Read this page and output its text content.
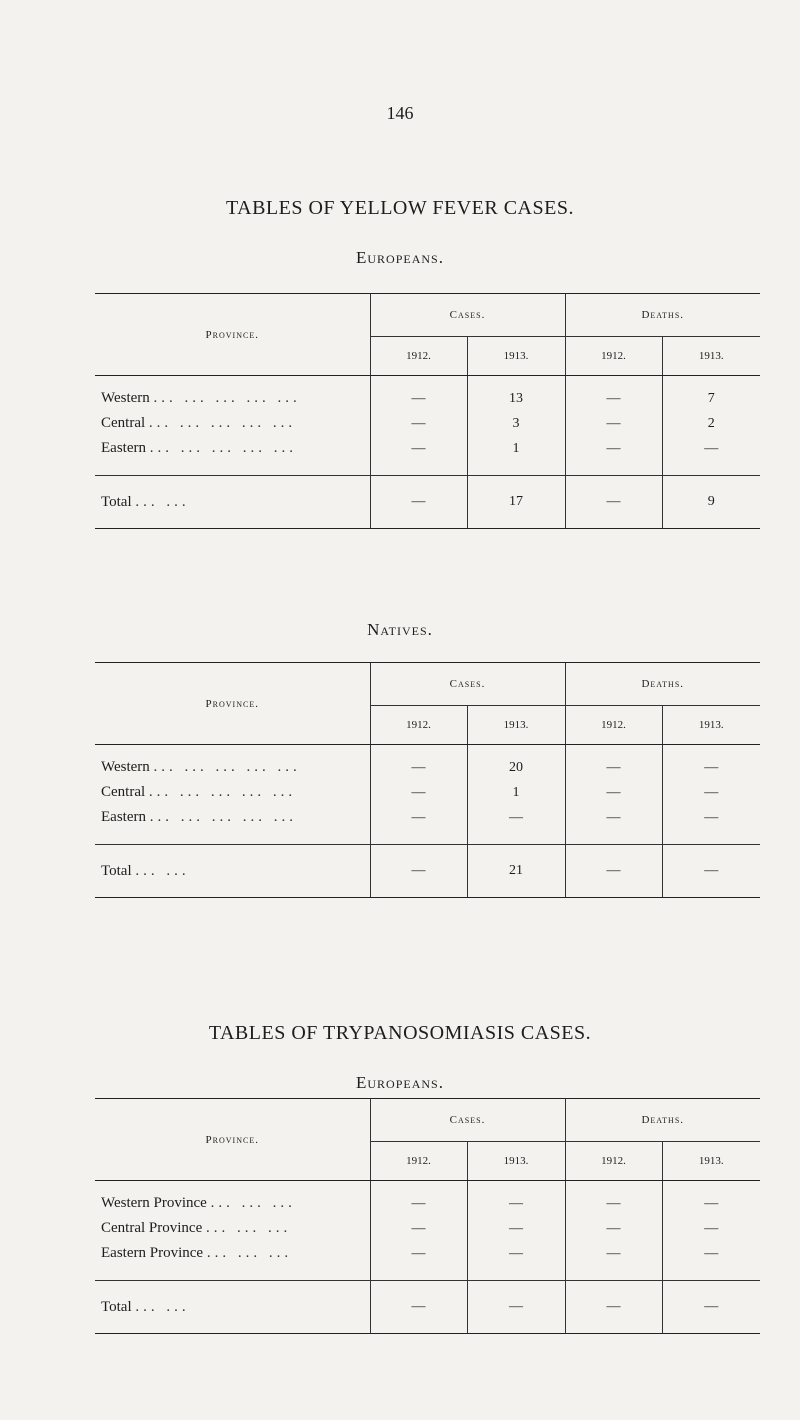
146
TABLES OF YELLOW FEVER CASES.
Europeans.
Province.	Cases.		Deaths.	
	1912.	1913.	1912.	1913.

Western ... ... ... ... ...	—	13	—	7
Central ... ... ... ... ...	—	3	—	2
Eastern ... ... ... ... ...	—	1	—	—

Total ... ...	—	17	—	9
Natives.
Province.	Cases.		Deaths.	
	1912.	1913.	1912.	1913.

Western ... ... ... ... ...	—	20	—	—
Central ... ... ... ... ...	—	1	—	—
Eastern ... ... ... ... ...	—	—	—	—

Total ... ...	—	21	—	—
TABLES OF TRYPANOSOMIASIS CASES.
Europeans.
Province.	Cases.		Deaths.	
	1912.	1913.	1912.	1913.

Western Province ... ... ...	—	—	—	—
Central Province ... ... ...	—	—	—	—
Eastern Province ... ... ...	—	—	—	—

Total ... ...	—	—	—	—
